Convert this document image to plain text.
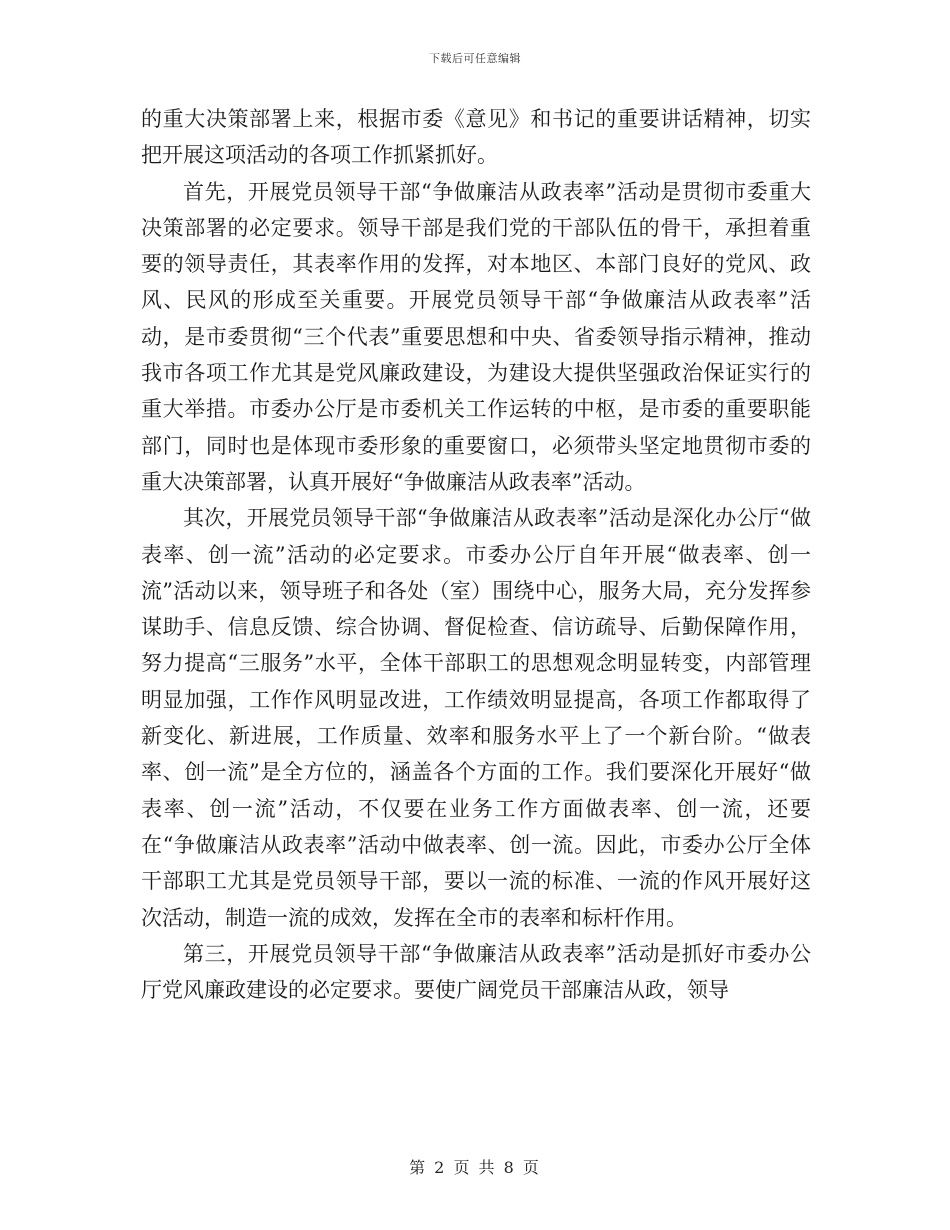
下载后可任意编辑

的重大决策部署上来，根据市委《意见》和书记的重要讲话精神，切实把开展这项活动的各项工作抓紧抓好。

首先，开展党员领导干部“争做廉洁从政表率”活动是贯彻市委重大决策部署的必定要求。领导干部是我们党的干部队伍的骨干，承担着重要的领导责任，其表率作用的发挥，对本地区、本部门良好的党风、政风、民风的形成至关重要。开展党员领导干部“争做廉洁从政表率”活动，是市委贯彻“三个代表”重要思想和中央、省委领导指示精神，推动我市各项工作尤其是党风廉政建设，为建设大提供坚强政治保证实行的重大举措。市委办公厅是市委机关工作运转的中枢，是市委的重要职能部门，同时也是体现市委形象的重要窗口，必须带头坚定地贯彻市委的重大决策部署，认真开展好“争做廉洁从政表率”活动。

其次，开展党员领导干部“争做廉洁从政表率”活动是深化办公厅“做表率、创一流”活动的必定要求。市委办公厅自年开展“做表率、创一流”活动以来，领导班子和各处（室）围绕中心，服务大局，充分发挥参谋助手、信息反馈、综合协调、督促检查、信访疏导、后勤保障作用，努力提高“三服务”水平，全体干部职工的思想观念明显转变，内部管理明显加强，工作作风明显改进，工作绩效明显提高，各项工作都取得了新变化、新进展，工作质量、效率和服务水平上了一个新台阶。“做表率、创一流”是全方位的，涵盖各个方面的工作。我们要深化开展好“做表率、创一流”活动，不仅要在业务工作方面做表率、创一流，还要在“争做廉洁从政表率”活动中做表率、创一流。因此，市委办公厅全体干部职工尤其是党员领导干部，要以一流的标准、一流的作风开展好这次活动，制造一流的成效，发挥在全市的表率和标杆作用。

第三，开展党员领导干部“争做廉洁从政表率”活动是抓好市委办公厅党风廉政建设的必定要求。要使广阔党员干部廉洁从政，领导

第 2 页 共 8 页
